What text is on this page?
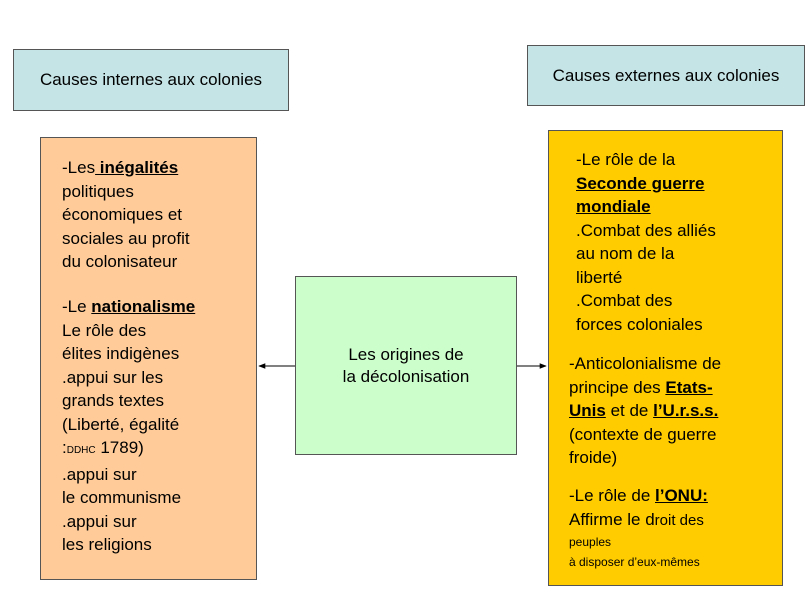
Causes internes aux colonies	Causes externes aux colonies
-Les inégalités
politiques
économiques et
sociales au profit
du colonisateur
-Le nationalisme
Le rôle des
élites indigènes
.appui sur les
grands textes
(Liberté, égalité
:DDHC 1789)
.appui sur
le communisme
.appui sur
les religions
Les origines de
la décolonisation
-Le rôle de la
Seconde guerre
mondiale
.Combat des alliés
au nom de la
liberté
.Combat des
forces coloniales
-Anticolonialisme de
principe des Etats-
Unis et de l’U.r.s.s.
(contexte de guerre
froide)
-Le rôle de l’ONU:
Affirme le droit des
peuples
à disposer d’eux-mêmes
